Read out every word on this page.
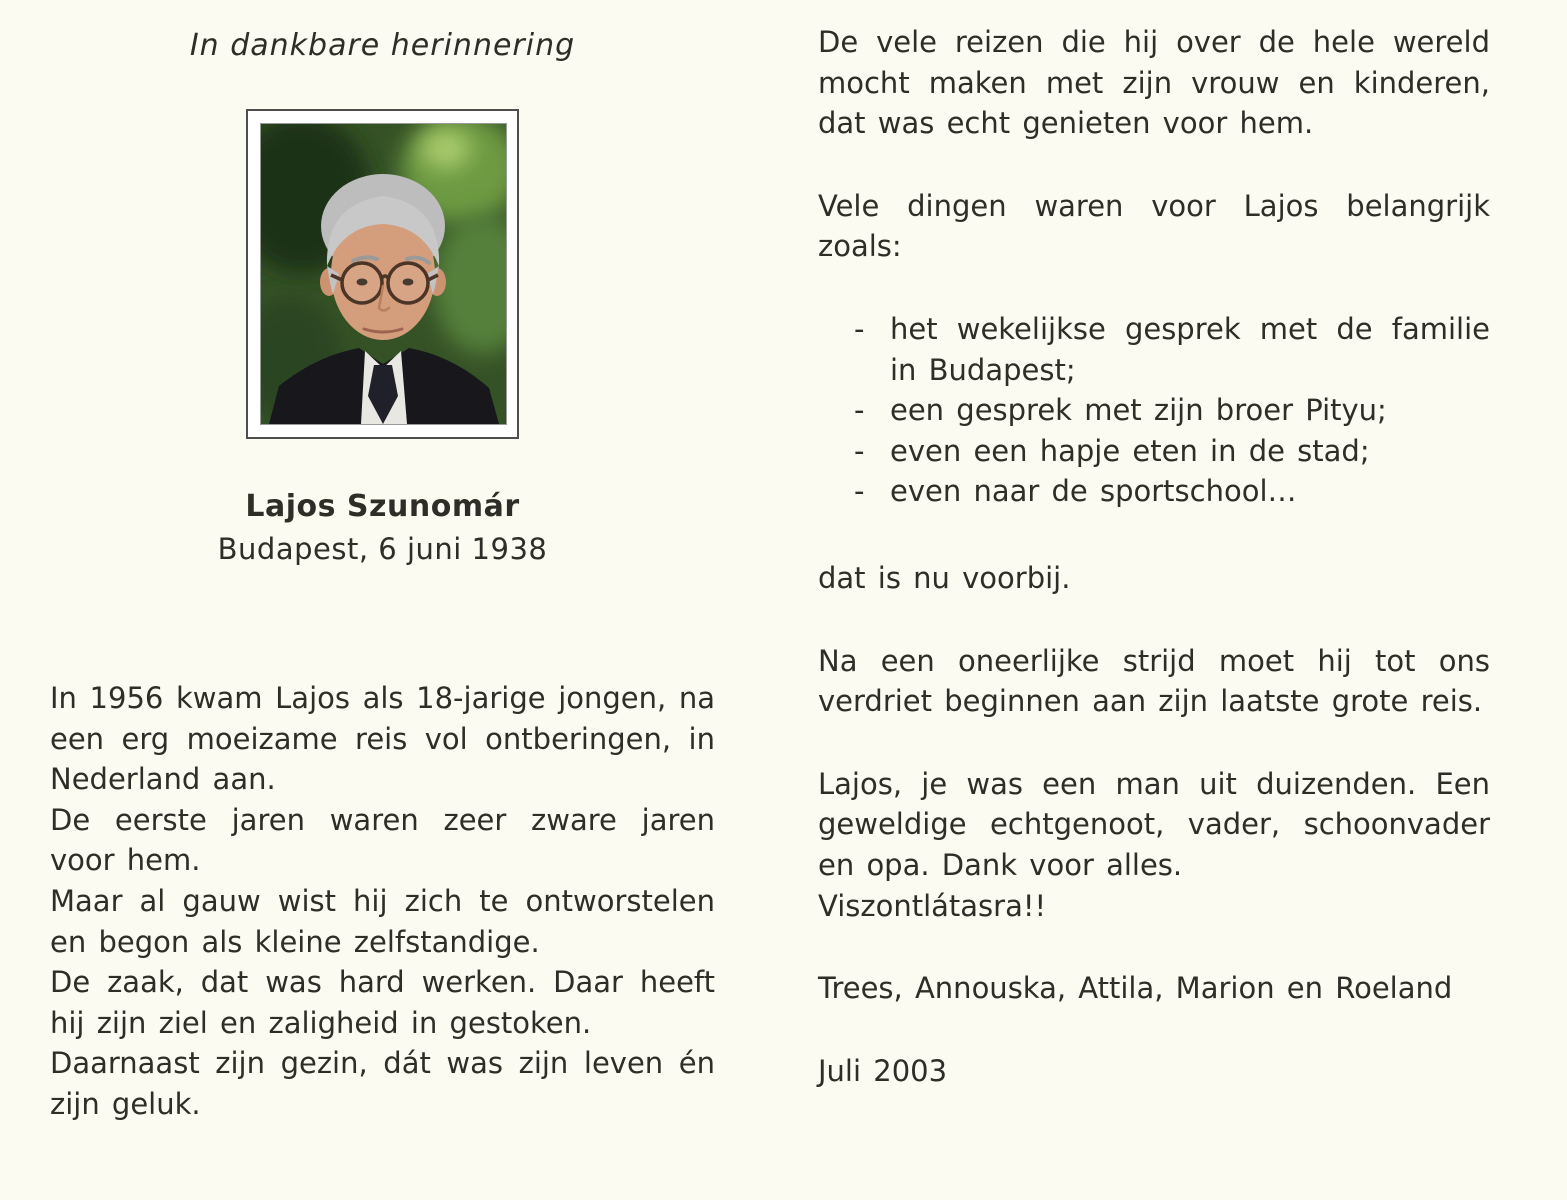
In dankbare herinnering

Lajos Szunomár

Budapest, 6 juni 1938

In 1956 kwam Lajos als 18-jarige jongen, na een erg moeizame reis vol ontberingen, in Nederland aan.

De eerste jaren waren zeer zware jaren voor hem.

Maar al gauw wist hij zich te ontworstelen en begon als kleine zelfstandige.

De zaak, dat was hard werken. Daar heeft hij zijn ziel en zaligheid in gestoken.

Daarnaast zijn gezin, dát was zijn leven én zijn geluk.

De vele reizen die hij over de hele wereld mocht maken met zijn vrouw en kinderen, dat was echt genieten voor hem.

Vele dingen waren voor Lajos belangrijk zoals:

- het wekelijkse gesprek met de familie in Budapest;
- een gesprek met zijn broer Pityu;
- even een hapje eten in de stad;
- even naar de sportschool…

dat is nu voorbij.

Na een oneerlijke strijd moet hij tot ons verdriet beginnen aan zijn laatste grote reis.

Lajos, je was een man uit duizenden. Een geweldige echtgenoot, vader, schoonvader en opa. Dank voor alles.

Viszontlátasra!!

Trees, Annouska, Attila, Marion en Roeland

Juli 2003
